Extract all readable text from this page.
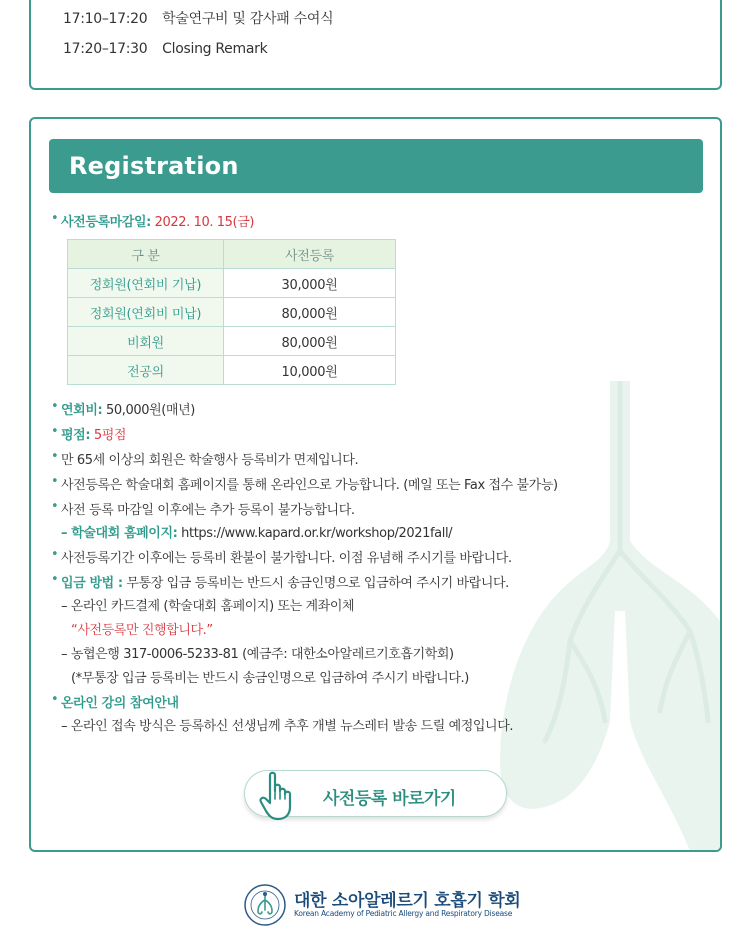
17:10–17:20 학술연구비 및 감사패 수여식
17:20–17:30 Closing Remark
Registration
• 사전등록마감일: 2022. 10. 15(금)
구 분	사전등록
정회원(연회비 기납)	30,000원
정회원(연회비 미납)	80,000원
비회원	80,000원
전공의	10,000원
• 연회비: 50,000원(매년)
• 평점: 5평점
• 만 65세 이상의 회원은 학술행사 등록비가 면제입니다.
• 사전등록은 학술대회 홈페이지를 통해 온라인으로 가능합니다. (메일 또는 Fax 접수 불가능)
• 사전 등록 마감일 이후에는 추가 등록이 불가능합니다.
– 학술대회 홈페이지: https://www.kapard.or.kr/workshop/2021fall/
• 사전등록기간 이후에는 등록비 환불이 불가합니다. 이점 유념해 주시기를 바랍니다.
• 입금 방법 : 무통장 입금 등록비는 반드시 송금인명으로 입금하여 주시기 바랍니다.
– 온라인 카드결제 (학술대회 홈페이지) 또는 계좌이체
“사전등록만 진행합니다.”
– 농협은행 317-0006-5233-81 (예금주: 대한소아알레르기호흡기학회)
(*무통장 입금 등록비는 반드시 송금인명으로 입금하여 주시기 바랍니다.)
• 온라인 강의 참여안내
– 온라인 접속 방식은 등록하신 선생님께 추후 개별 뉴스레터 발송 드릴 예정입니다.
사전등록 바로가기
대한 소아알레르기 호흡기 학회
Korean Academy of Pediatric Allergy and Respiratory Disease
